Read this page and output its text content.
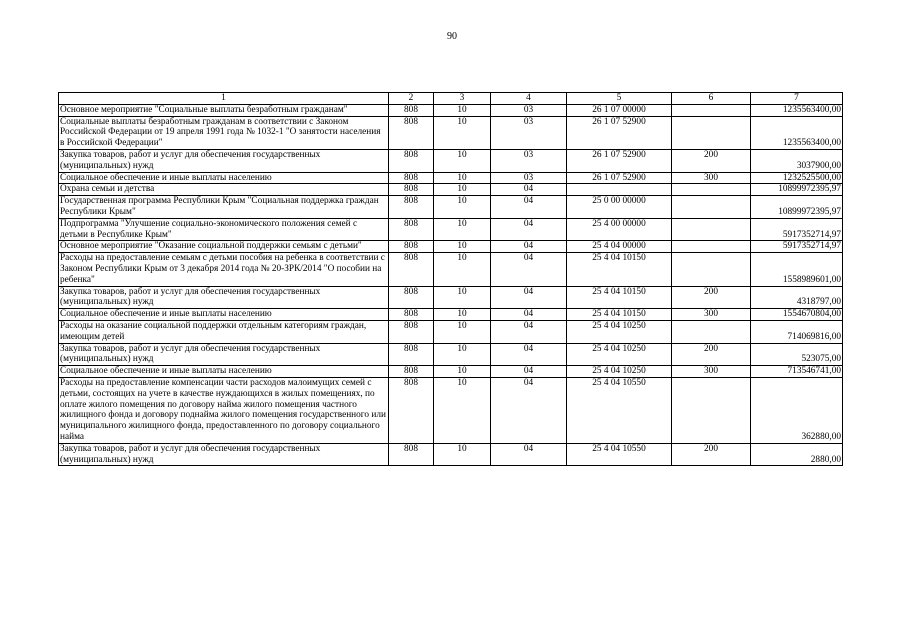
90
1	2	3	4	5	6	7
Основное мероприятие "Социальные выплаты безработным гражданам"	808	10	03	26 1 07 00000		1235563400,00
Социальные выплаты безработным гражданам в соответствии с Законом Российской Федерации от 19 апреля 1991 года № 1032-1 "О занятости населения в Российской Федерации"	808	10	03	26 1 07 52900		1235563400,00
Закупка товаров, работ и услуг для обеспечения государственных (муниципальных) нужд	808	10	03	26 1 07 52900	200	3037900,00
Социальное обеспечение и иные выплаты населению	808	10	03	26 1 07 52900	300	1232525500,00
Охрана семьи и детства	808	10	04			10899972395,97
Государственная программа Республики Крым "Социальная поддержка граждан Республики Крым"	808	10	04	25 0 00 00000		10899972395,97
Подпрограмма "Улучшение социально-экономического положения семей с детьми в Республике Крым"	808	10	04	25 4 00 00000		5917352714,97
Основное мероприятие "Оказание социальной поддержки семьям с детьми"	808	10	04	25 4 04 00000		5917352714,97
Расходы на предоставление семьям с детьми пособия на ребенка в соответствии с Законом Республики Крым от 3 декабря 2014 года № 20-ЗРК/2014 "О пособии на ребенка"	808	10	04	25 4 04 10150		1558989601,00
Закупка товаров, работ и услуг для обеспечения государственных (муниципальных) нужд	808	10	04	25 4 04 10150	200	4318797,00
Социальное обеспечение и иные выплаты населению	808	10	04	25 4 04 10150	300	1554670804,00
Расходы на оказание социальной поддержки отдельным категориям граждан, имеющим детей	808	10	04	25 4 04 10250		714069816,00
Закупка товаров, работ и услуг для обеспечения государственных (муниципальных) нужд	808	10	04	25 4 04 10250	200	523075,00
Социальное обеспечение и иные выплаты населению	808	10	04	25 4 04 10250	300	713546741,00
Расходы на предоставление компенсации части расходов малоимущих семей с детьми, состоящих на учете в качестве нуждающихся в жилых помещениях, по оплате жилого помещения по договору найма жилого помещения частного жилищного фонда и договору поднайма жилого помещения государственного или муниципального жилищного фонда, предоставленного по договору социального найма	808	10	04	25 4 04 10550		362880,00
Закупка товаров, работ и услуг для обеспечения государственных (муниципальных) нужд	808	10	04	25 4 04 10550	200	2880,00
